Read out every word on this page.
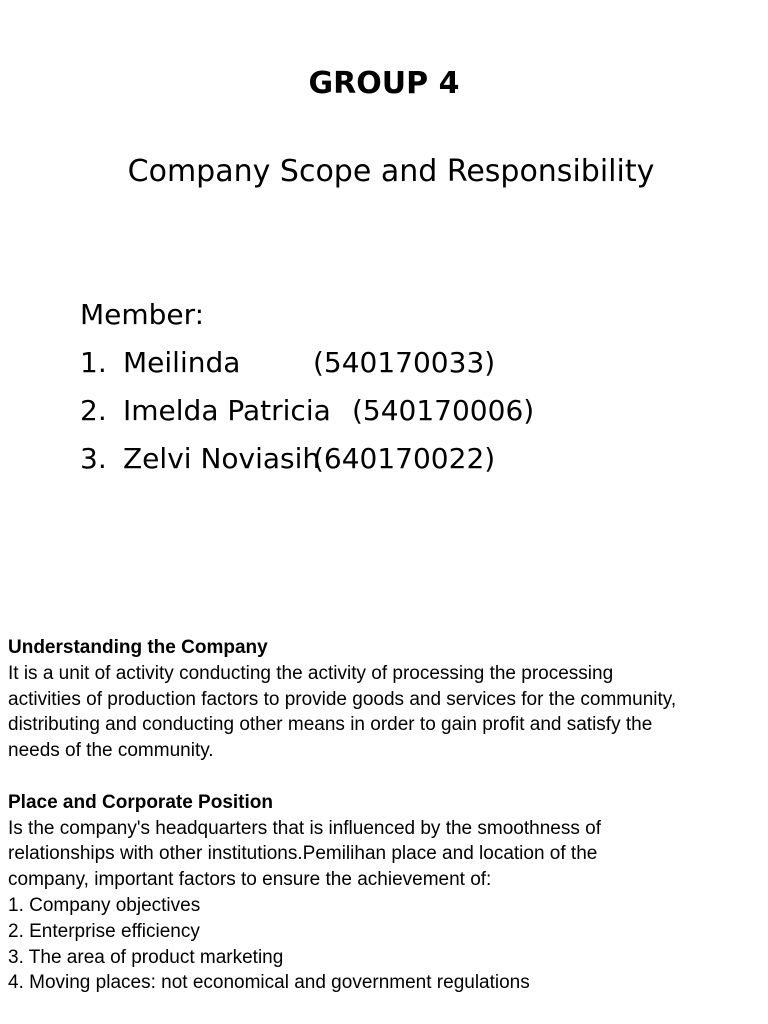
GROUP 4
Company Scope and Responsibility
Member:
1. Meilinda	(540170033)
2. Imelda Patricia (540170006)
3. Zelvi Noviasih
(640170022)
Understanding the Company
It is a unit of activity conducting the activity of processing the processing
activities of production factors to provide goods and services for the community,
distributing and conducting other means in order to gain profit and satisfy the
needs of the community.
Place and Corporate Position
Is the company's headquarters that is influenced by the smoothness of
relationships with other institutions.Pemilihan place and location of the
company, important factors to ensure the achievement of:
1. Company objectives
2. Enterprise efficiency
3. The area of product marketing
4. Moving places: not economical and government regulations
